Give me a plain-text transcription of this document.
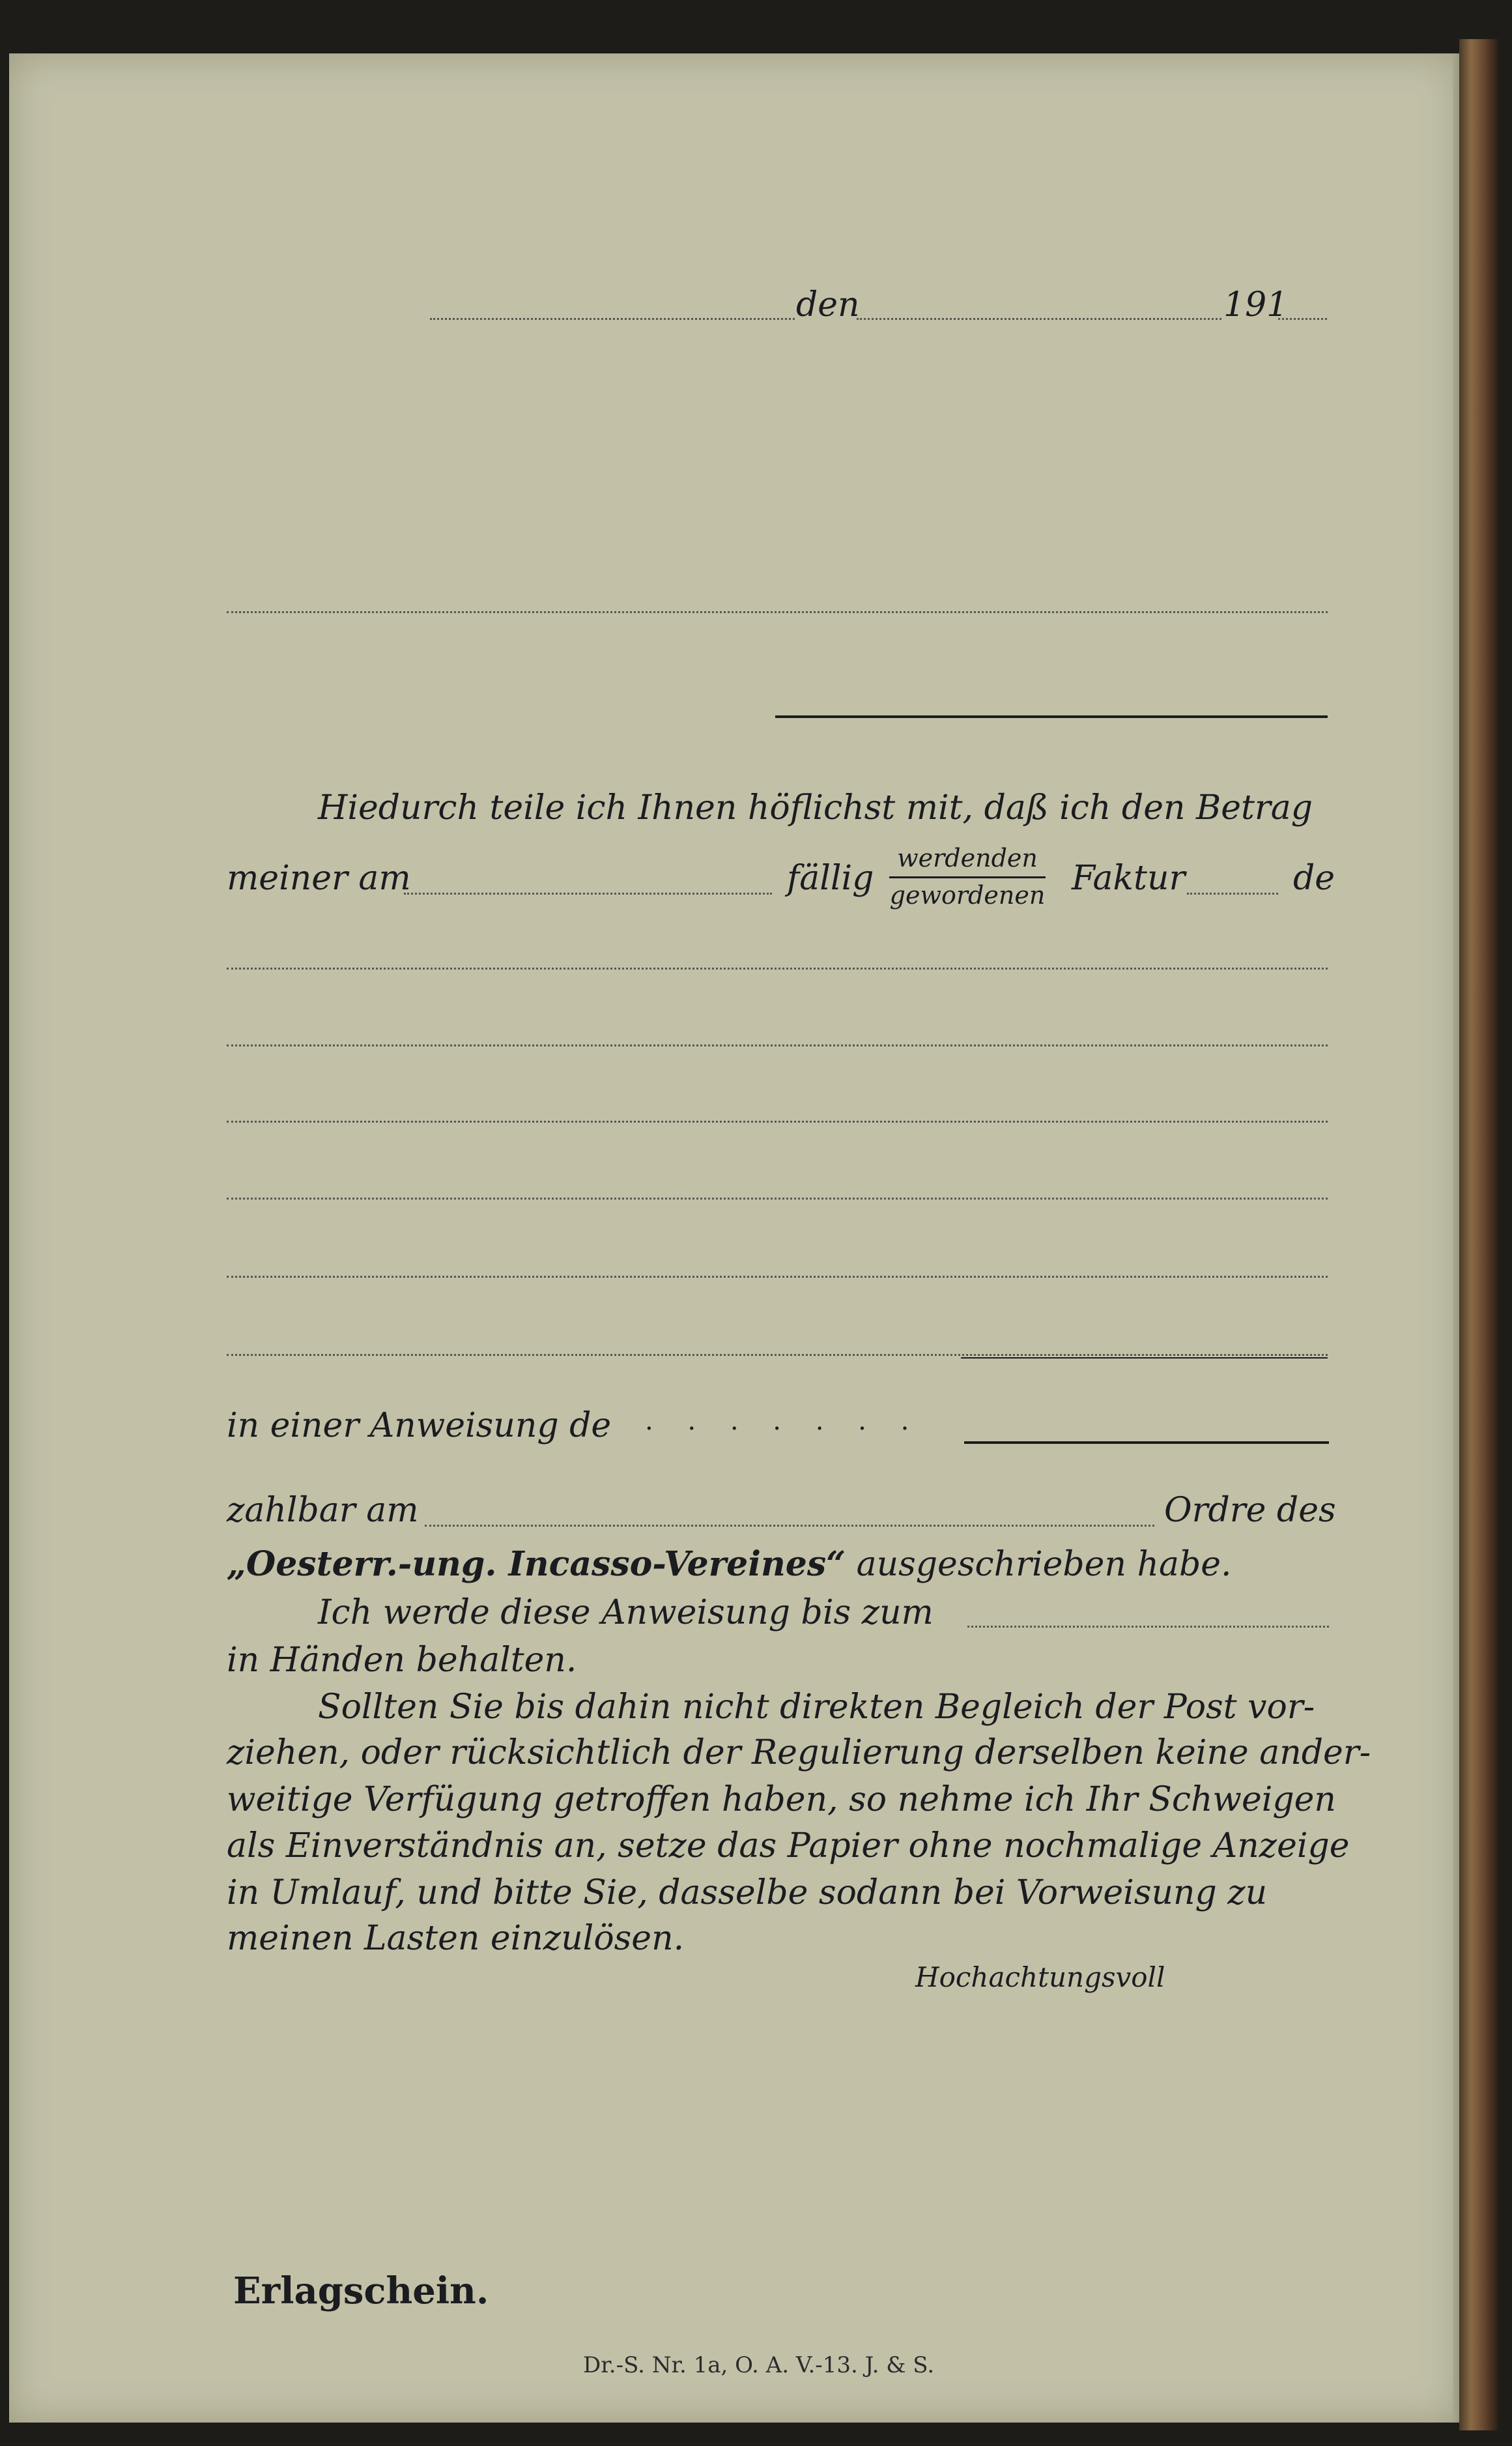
den	191
Hiedurch teile ich Ihnen höflichst mit, daß ich den Betrag
meiner am	fällig
werdenden
gewordenen Faktur	de
in einer Anweisung de . . . . . . .
zahlbar am	Ordre des
„Oesterr.-ung. Incasso-Vereines“ ausgeschrieben habe.
Ich werde diese Anweisung bis zum
in Händen behalten.
Sollten Sie bis dahin nicht direkten Begleich der Post vor-
ziehen, oder rücksichtlich der Regulierung derselben keine ander-
weitige Verfügung getroffen haben, so nehme ich Ihr Schweigen
als Einverständnis an, setze das Papier ohne nochmalige Anzeige
in Umlauf, und bitte Sie, dasselbe sodann bei Vorweisung zu
meinen Lasten einzulösen.
Hochachtungsvoll
Erlagschein.
Dr.-S. Nr. 1a, O. A. V.-13. J. & S.
